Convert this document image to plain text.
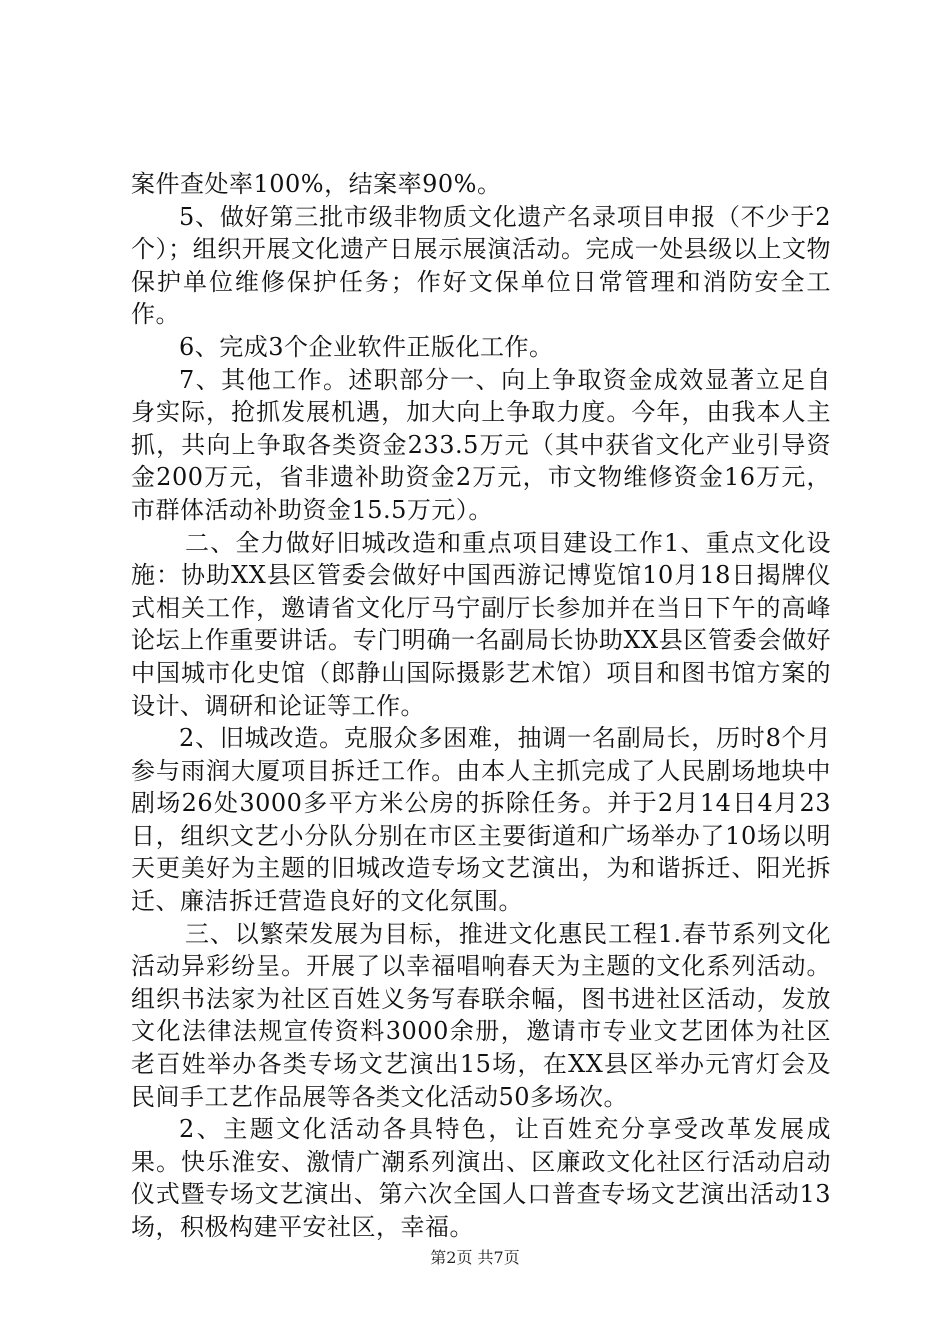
案件查处率100%，结案率90%。

5、做好第三批市级非物质文化遗产名录项目申报（不少于2个）；组织开展文化遗产日展示展演活动。完成一处县级以上文物保护单位维修保护任务；作好文保单位日常管理和消防安全工作。

6、完成3个企业软件正版化工作。

7、其他工作。述职部分一、向上争取资金成效显著立足自身实际，抢抓发展机遇，加大向上争取力度。今年，由我本人主抓，共向上争取各类资金233.5万元（其中获省文化产业引导资金200万元，省非遗补助资金2万元，市文物维修资金16万元，市群体活动补助资金15.5万元）。

二、全力做好旧城改造和重点项目建设工作1、重点文化设施：协助XX县区管委会做好中国西游记博览馆10月18日揭牌仪式相关工作，邀请省文化厅马宁副厅长参加并在当日下午的高峰论坛上作重要讲话。专门明确一名副局长协助XX县区管委会做好中国城市化史馆（郎静山国际摄影艺术馆）项目和图书馆方案的设计、调研和论证等工作。

2、旧城改造。克服众多困难，抽调一名副局长，历时8个月参与雨润大厦项目拆迁工作。由本人主抓完成了人民剧场地块中剧场26处3000多平方米公房的拆除任务。并于2月14日4月23日，组织文艺小分队分别在市区主要街道和广场举办了10场以明天更美好为主题的旧城改造专场文艺演出，为和谐拆迁、阳光拆迁、廉洁拆迁营造良好的文化氛围。

三、以繁荣发展为目标，推进文化惠民工程1.春节系列文化活动异彩纷呈。开展了以幸福唱响春天为主题的文化系列活动。组织书法家为社区百姓义务写春联余幅，图书进社区活动，发放文化法律法规宣传资料3000余册，邀请市专业文艺团体为社区老百姓举办各类专场文艺演出15场，在XX县区举办元宵灯会及民间手工艺作品展等各类文化活动50多场次。

2、主题文化活动各具特色，让百姓充分享受改革发展成果。快乐淮安、激情广潮系列演出、区廉政文化社区行活动启动仪式暨专场文艺演出、第六次全国人口普查专场文艺演出活动13场，积极构建平安社区，幸福。

第2页 共7页
